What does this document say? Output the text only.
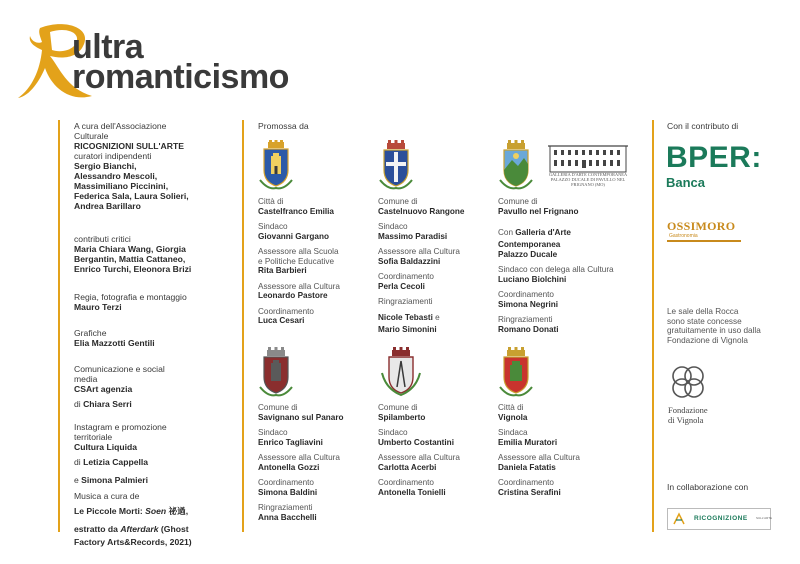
ultra
romanticismo
A cura dell'Associazione
Culturale
RICOGNIZIONI SULL'ARTE
curatori indipendenti
Sergio Bianchi,
Alessandro Mescoli,
Massimiliano Piccinini,
Federica Sala, Laura Solieri,
Andrea Barillaro
contributi critici
Maria Chiara Wang, Giorgia
Bergantin, Mattia Cattaneo,
Enrico Turchi, Eleonora Brizi
Regia, fotografia e montaggio
Mauro Terzi
Grafiche
Elia Mazzotti Gentili
Comunicazione e social
media
CSArt agenzia
di Chiara Serri
Instagram e promozione
territoriale
Cultura Liquida
di Letizia Cappella
e Simona Palmieri
Musica a cura de
Le Piccole Morti: Soen 祕過,
estratto da Afterdark (Ghost
Factory Arts&Records, 2021)
Promossa da
GALLERIA D'ARTE CONTEMPORANEA PALAZZO DUCALE DI PAVULLO NEL FRIGNANO (MO)
Città di
Castelfranco Emilia
Sindaco
Giovanni Gargano
Assessore alla Scuola
e Politiche Educative
Rita Barbieri
Assessore alla Cultura
Leonardo Pastore
Coordinamento
Luca Cesari
Comune di
Castelnuovo Rangone
Sindaco
Massimo Paradisi
Assessore alla Cultura
Sofia Baldazzini
Coordinamento
Perla Cecoli
Ringraziamenti
Nicole Tebasti e
Mario Simonini
Comune di
Pavullo nel Frignano
Con Galleria d'Arte
Contemporanea
Palazzo Ducale
Sindaco con delega alla Cultura
Luciano Biolchini
Coordinamento
Simona Negrini
Ringraziamenti
Romano Donati
Comune di
Savignano sul Panaro
Sindaco
Enrico Tagliavini
Assessore alla Cultura
Antonella Gozzi
Coordinamento
Simona Baldini
Ringraziamenti
Anna Bacchelli
Comune di
Spilamberto
Sindaco
Umberto Costantini
Assessore alla Cultura
Carlotta Acerbi
Coordinamento
Antonella Tonielli
Città di
Vignola
Sindaca
Emilia Muratori
Assessore alla Cultura
Daniela Fatatis
Coordinamento
Cristina Serafini
Con il contributo di
BPER:
Banca
OSSIMORO
Gastronomia
Le sale della Rocca
sono state concesse
gratuitamente in uso dalla
Fondazione di Vignola
Fondazione
di Vignola
In collaborazione con
RICOGNIZIONE	SULL'ARTE
